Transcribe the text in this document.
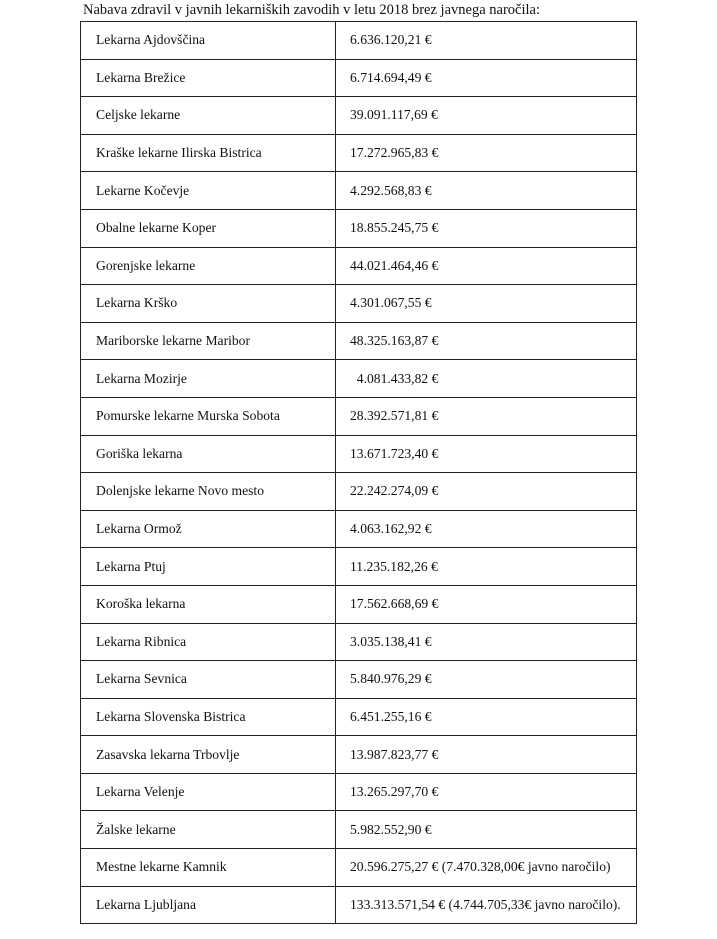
Nabava zdravil v javnih lekarniških zavodih v letu 2018 brez javnega naročila:
Lekarna Ajdovščina	6.636.120,21 €
Lekarna Brežice	6.714.694,49 €
Celjske lekarne	39.091.117,69 €
Kraške lekarne Ilirska Bistrica	17.272.965,83 €
Lekarne Kočevje	4.292.568,83 €
Obalne lekarne Koper	18.855.245,75 €
Gorenjske lekarne	44.021.464,46 €
Lekarna Krško	4.301.067,55 €
Mariborske lekarne Maribor	48.325.163,87 €
Lekarna Mozirje	4.081.433,82 €
Pomurske lekarne Murska Sobota	28.392.571,81 €
Goriška lekarna	13.671.723,40 €
Dolenjske lekarne Novo mesto	22.242.274,09 €
Lekarna Ormož	4.063.162,92 €
Lekarna Ptuj	11.235.182,26 €
Koroška lekarna	17.562.668,69 €
Lekarna Ribnica	3.035.138,41 €
Lekarna Sevnica	5.840.976,29 €
Lekarna Slovenska Bistrica	6.451.255,16 €
Zasavska lekarna Trbovlje	13.987.823,77 €
Lekarna Velenje	13.265.297,70 €
Žalske lekarne	5.982.552,90 €
Mestne lekarne Kamnik	20.596.275,27 € (7.470.328,00€ javno naročilo)
Lekarna Ljubljana	133.313.571,54 € (4.744.705,33€ javno naročilo).
